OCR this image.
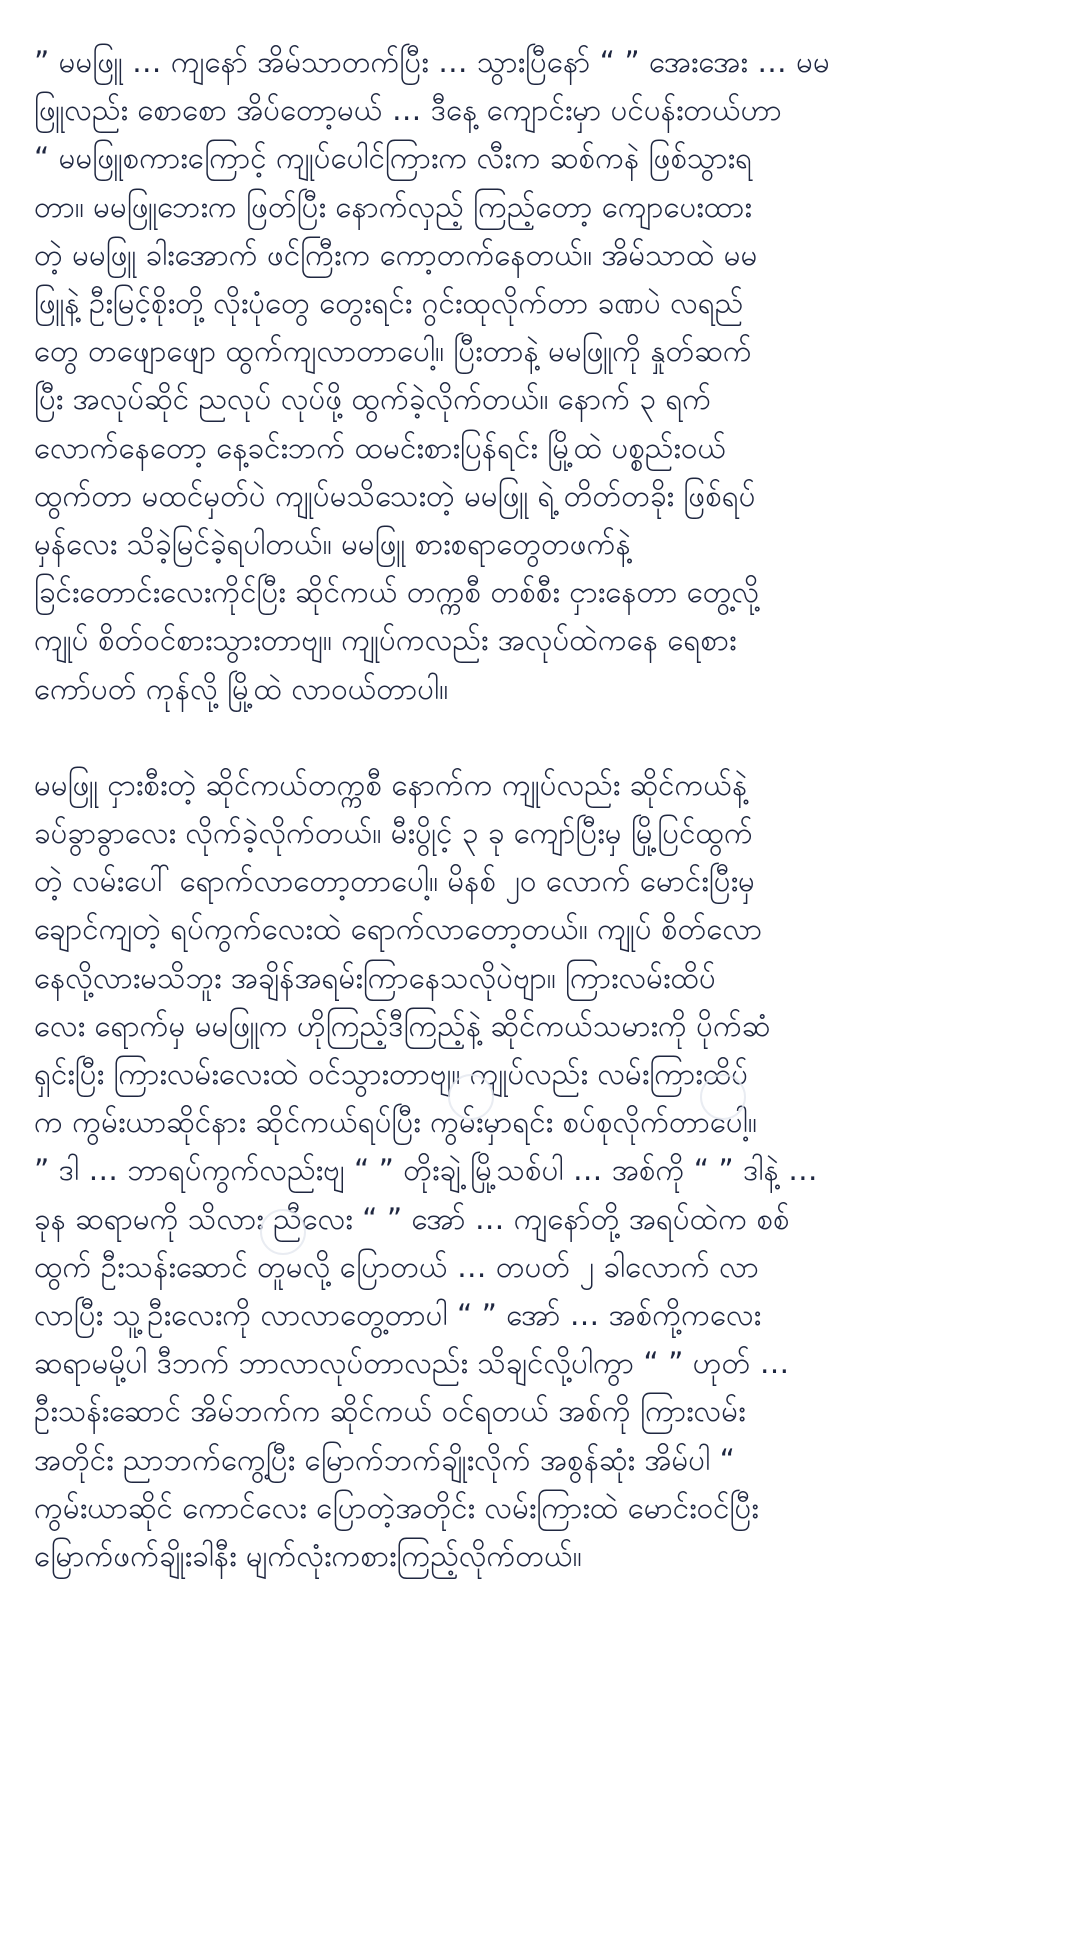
” မမဖြူ … ကျနော် အိမ်သာတက်ပြီး … သွားပြီနော် “ ” အေးအေး … မမ
ဖြူလည်း စောစော အိပ်တော့မယ် … ဒီနေ့ ကျောင်းမှာ ပင်ပန်းတယ်ဟာ
“ မမဖြူစကားကြောင့် ကျုပ်ပေါင်ကြားက လီးက ဆစ်ကနဲ ဖြစ်သွားရ
တာ။ မမဖြူဘေးက ဖြတ်ပြီး နောက်လှည့် ကြည့်တော့ ကျောပေးထား
တဲ့ မမဖြူ ခါးအောက် ဖင်ကြီးက ကော့တက်နေတယ်။ အိမ်သာထဲ မမ
ဖြူနဲ့ ဦးမြင့်စိုးတို့ လိုးပုံတွေ တွေးရင်း ဂွင်းထုလိုက်တာ ခဏပဲ လရည်
တွေ တဖျောဖျော ထွက်ကျလာတာပေါ့။ ပြီးတာနဲ့ မမဖြူကို နှုတ်ဆက်
ပြီး အလုပ်ဆိုင် ညလုပ် လုပ်ဖို့ ထွက်ခဲ့လိုက်တယ်။ နောက် ၃ ရက်
လောက်နေတော့ နေ့ခင်းဘက် ထမင်းစားပြန်ရင်း မြို့ထဲ ပစ္စည်းဝယ်
ထွက်တာ မထင်မှတ်ပဲ ကျုပ်မသိသေးတဲ့ မမဖြူ ရဲ့ တိတ်တခိုး ဖြစ်ရပ်
မှန်လေး သိခဲ့မြင်ခဲ့ရပါတယ်။ မမဖြူ စားစရာတွေတဖက်နဲ့
ခြင်းတောင်းလေးကိုင်ပြီး ဆိုင်ကယ် တက္ကစီ တစ်စီး ငှားနေတာ တွေ့လို့
ကျုပ် စိတ်ဝင်စားသွားတာဗျ။ ကျုပ်ကလည်း အလုပ်ထဲကနေ ရေစား
ကော်ပတ် ကုန်လို့ မြို့ထဲ လာဝယ်တာပါ။

မမဖြူ ငှားစီးတဲ့ ဆိုင်ကယ်တက္ကစီ နောက်က ကျုပ်လည်း ဆိုင်ကယ်နဲ့
ခပ်ခွာခွာလေး လိုက်ခဲ့လိုက်တယ်။ မီးပွိုင့် ၃ ခု ကျော်ပြီးမှ မြို့ပြင်ထွက်
တဲ့ လမ်းပေါ် ရောက်လာတော့တာပေါ့။ မိနစ် ၂၀ လောက် မောင်းပြီးမှ
ချောင်ကျတဲ့ ရပ်ကွက်လေးထဲ ရောက်လာတော့တယ်။ ကျုပ် စိတ်လော
နေလို့လားမသိဘူး အချိန်အရမ်းကြာနေသလိုပဲဗျာ။ ကြားလမ်းထိပ်
လေး ရောက်မှ မမဖြူက ဟိုကြည့်ဒီကြည့်နဲ့ ဆိုင်ကယ်သမားကို ပိုက်ဆံ
ရှင်းပြီး ကြားလမ်းလေးထဲ ဝင်သွားတာဗျ။ ကျုပ်လည်း လမ်းကြားထိပ်
က ကွမ်းယာဆိုင်နား ဆိုင်ကယ်ရပ်ပြီး ကွမ်းမှာရင်း စပ်စုလိုက်တာပေါ့။
” ဒါ … ဘာရပ်ကွက်လည်းဗျ “ ” တိုးချဲ့ မြို့သစ်ပါ … အစ်ကို “ ” ဒါနဲ့ …
ခုန ဆရာမကို သိလား ညီလေး “ ” အော် … ကျနော်တို့ အရပ်ထဲက စစ်
ထွက် ဦးသန်းဆောင် တူမလို့ ပြောတယ် … တပတ် ၂ ခါလောက် လာ
လာပြီး သူ့ဦးလေးကို လာလာတွေ့တာပါ “ ” အော် … အစ်ကို့ကလေး
ဆရာမမို့ပါ ဒီဘက် ဘာလာလုပ်တာလည်း သိချင်လို့ပါကွာ “ ” ဟုတ် …
ဦးသန်းဆောင် အိမ်ဘက်က ဆိုင်ကယ် ဝင်ရတယ် အစ်ကို ကြားလမ်း
အတိုင်း ညာဘက်ကွေ့ပြီး မြောက်ဘက်ချိုးလိုက် အစွန်ဆုံး အိမ်ပါ “
ကွမ်းယာဆိုင် ကောင်လေး ပြောတဲ့အတိုင်း လမ်းကြားထဲ မောင်းဝင်ပြီး
မြောက်ဖက်ချိုးခါနီး မျက်လုံးကစားကြည့်လိုက်တယ်။
